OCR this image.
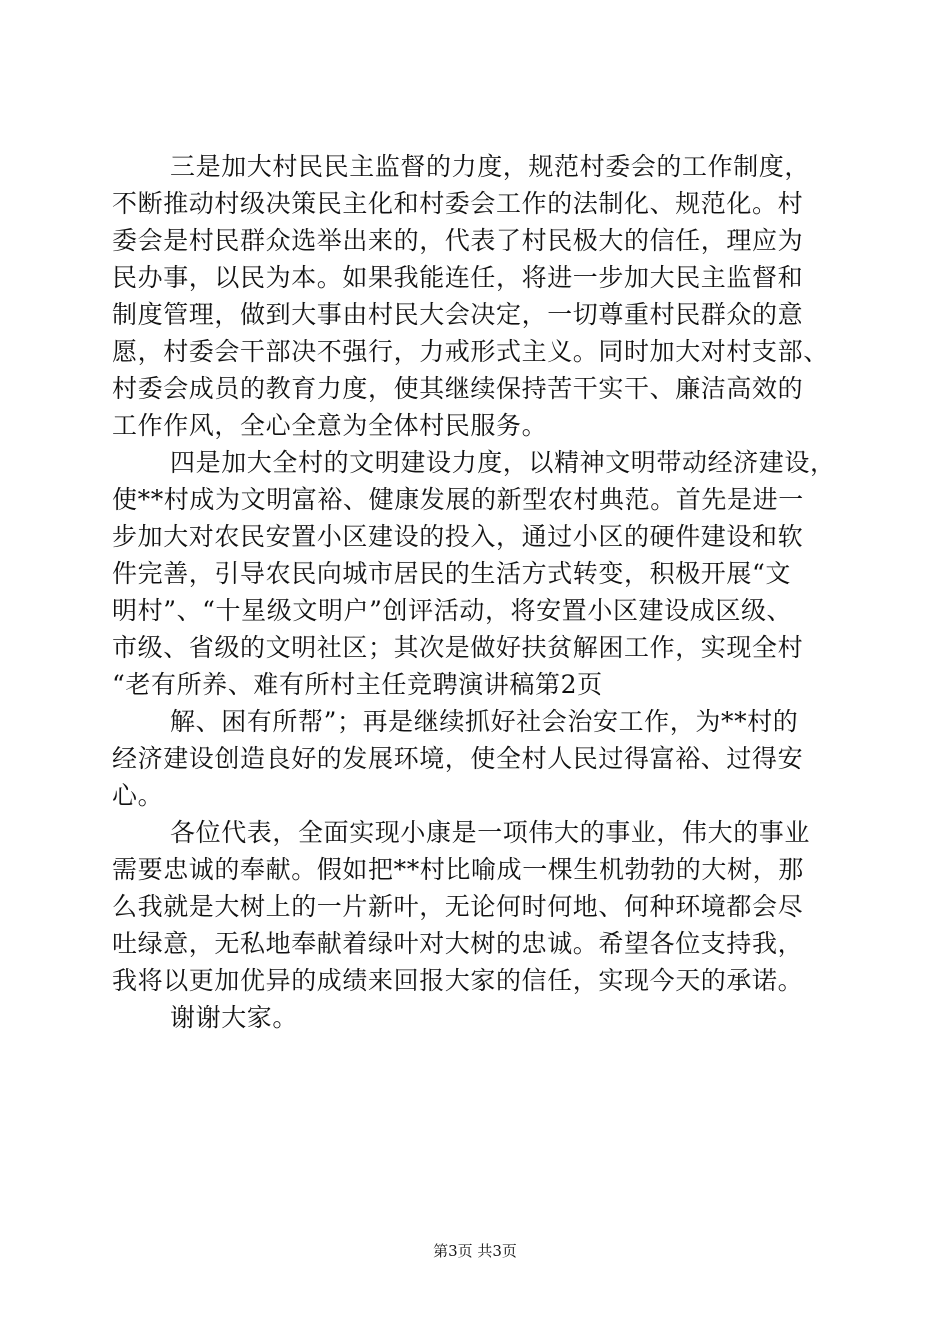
三是加大村民民主监督的力度，规范村委会的工作制度，
不断推动村级决策民主化和村委会工作的法制化、规范化。村
委会是村民群众选举出来的，代表了村民极大的信任，理应为
民办事，以民为本。如果我能连任，将进一步加大民主监督和
制度管理，做到大事由村民大会决定，一切尊重村民群众的意
愿，村委会干部决不强行，力戒形式主义。同时加大对村支部、
村委会成员的教育力度，使其继续保持苦干实干、廉洁高效的
工作作风，全心全意为全体村民服务。
四是加大全村的文明建设力度，以精神文明带动经济建设，
使**村成为文明富裕、健康发展的新型农村典范。首先是进一
步加大对农民安置小区建设的投入，通过小区的硬件建设和软
件完善，引导农民向城市居民的生活方式转变，积极开展“文
明村”、“十星级文明户”创评活动，将安置小区建设成区级、
市级、省级的文明社区；其次是做好扶贫解困工作，实现全村
“老有所养、难有所村主任竞聘演讲稿第2页
解、困有所帮”；再是继续抓好社会治安工作，为**村的
经济建设创造良好的发展环境，使全村人民过得富裕、过得安
心。
各位代表，全面实现小康是一项伟大的事业，伟大的事业
需要忠诚的奉献。假如把**村比喻成一棵生机勃勃的大树，那
么我就是大树上的一片新叶，无论何时何地、何种环境都会尽
吐绿意，无私地奉献着绿叶对大树的忠诚。希望各位支持我，
我将以更加优异的成绩来回报大家的信任，实现今天的承诺。
谢谢大家。
第3页 共3页
